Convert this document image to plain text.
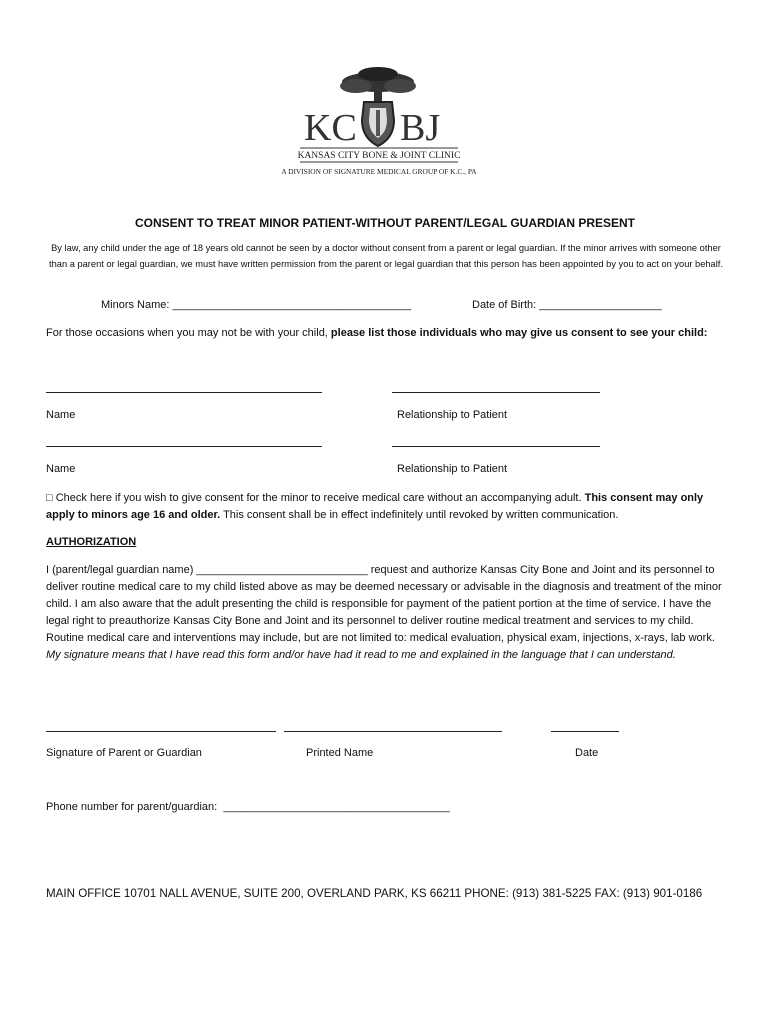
KC BJ
KANSAS CITY BONE & JOINT CLINIC
A DIVISION OF SIGNATURE MEDICAL GROUP OF K.C., PA
CONSENT TO TREAT MINOR PATIENT-WITHOUT PARENT/LEGAL GUARDIAN PRESENT
By law, any child under the age of 18 years old cannot be seen by a doctor without consent from a parent or legal guardian. If the minor arrives with someone other than a parent or legal guardian, we must have written permission from the parent or legal guardian that this person has been appointed by you to act on your behalf.
Minors Name: _______________________________________	Date of Birth: ____________________
For those occasions when you may not be with your child, please list those individuals who may give us consent to see your child:
Name	Relationship to Patient
Name	Relationship to Patient
□ Check here if you wish to give consent for the minor to receive medical care without an accompanying adult. This consent may only apply to minors age 16 and older. This consent shall be in effect indefinitely until revoked by written communication.
AUTHORIZATION
I (parent/legal guardian name) ____________________________ request and authorize Kansas City Bone and Joint and its personnel to deliver routine medical care to my child listed above as may be deemed necessary or advisable in the diagnosis and treatment of the minor child. I am also aware that the adult presenting the child is responsible for payment of the patient portion at the time of service. I have the legal right to preauthorize Kansas City Bone and Joint and its personnel to deliver routine medical treatment and services to my child. Routine medical care and interventions may include, but are not limited to: medical evaluation, physical exam, injections, x-rays, lab work. My signature means that I have read this form and/or have had it read to me and explained in the language that I can understand.
Signature of Parent or Guardian	Printed Name	Date
Phone number for parent/guardian:  _____________________________________
MAIN OFFICE 10701 NALL AVENUE, SUITE 200, OVERLAND PARK, KS 66211 PHONE: (913) 381-5225 FAX: (913) 901-0186
